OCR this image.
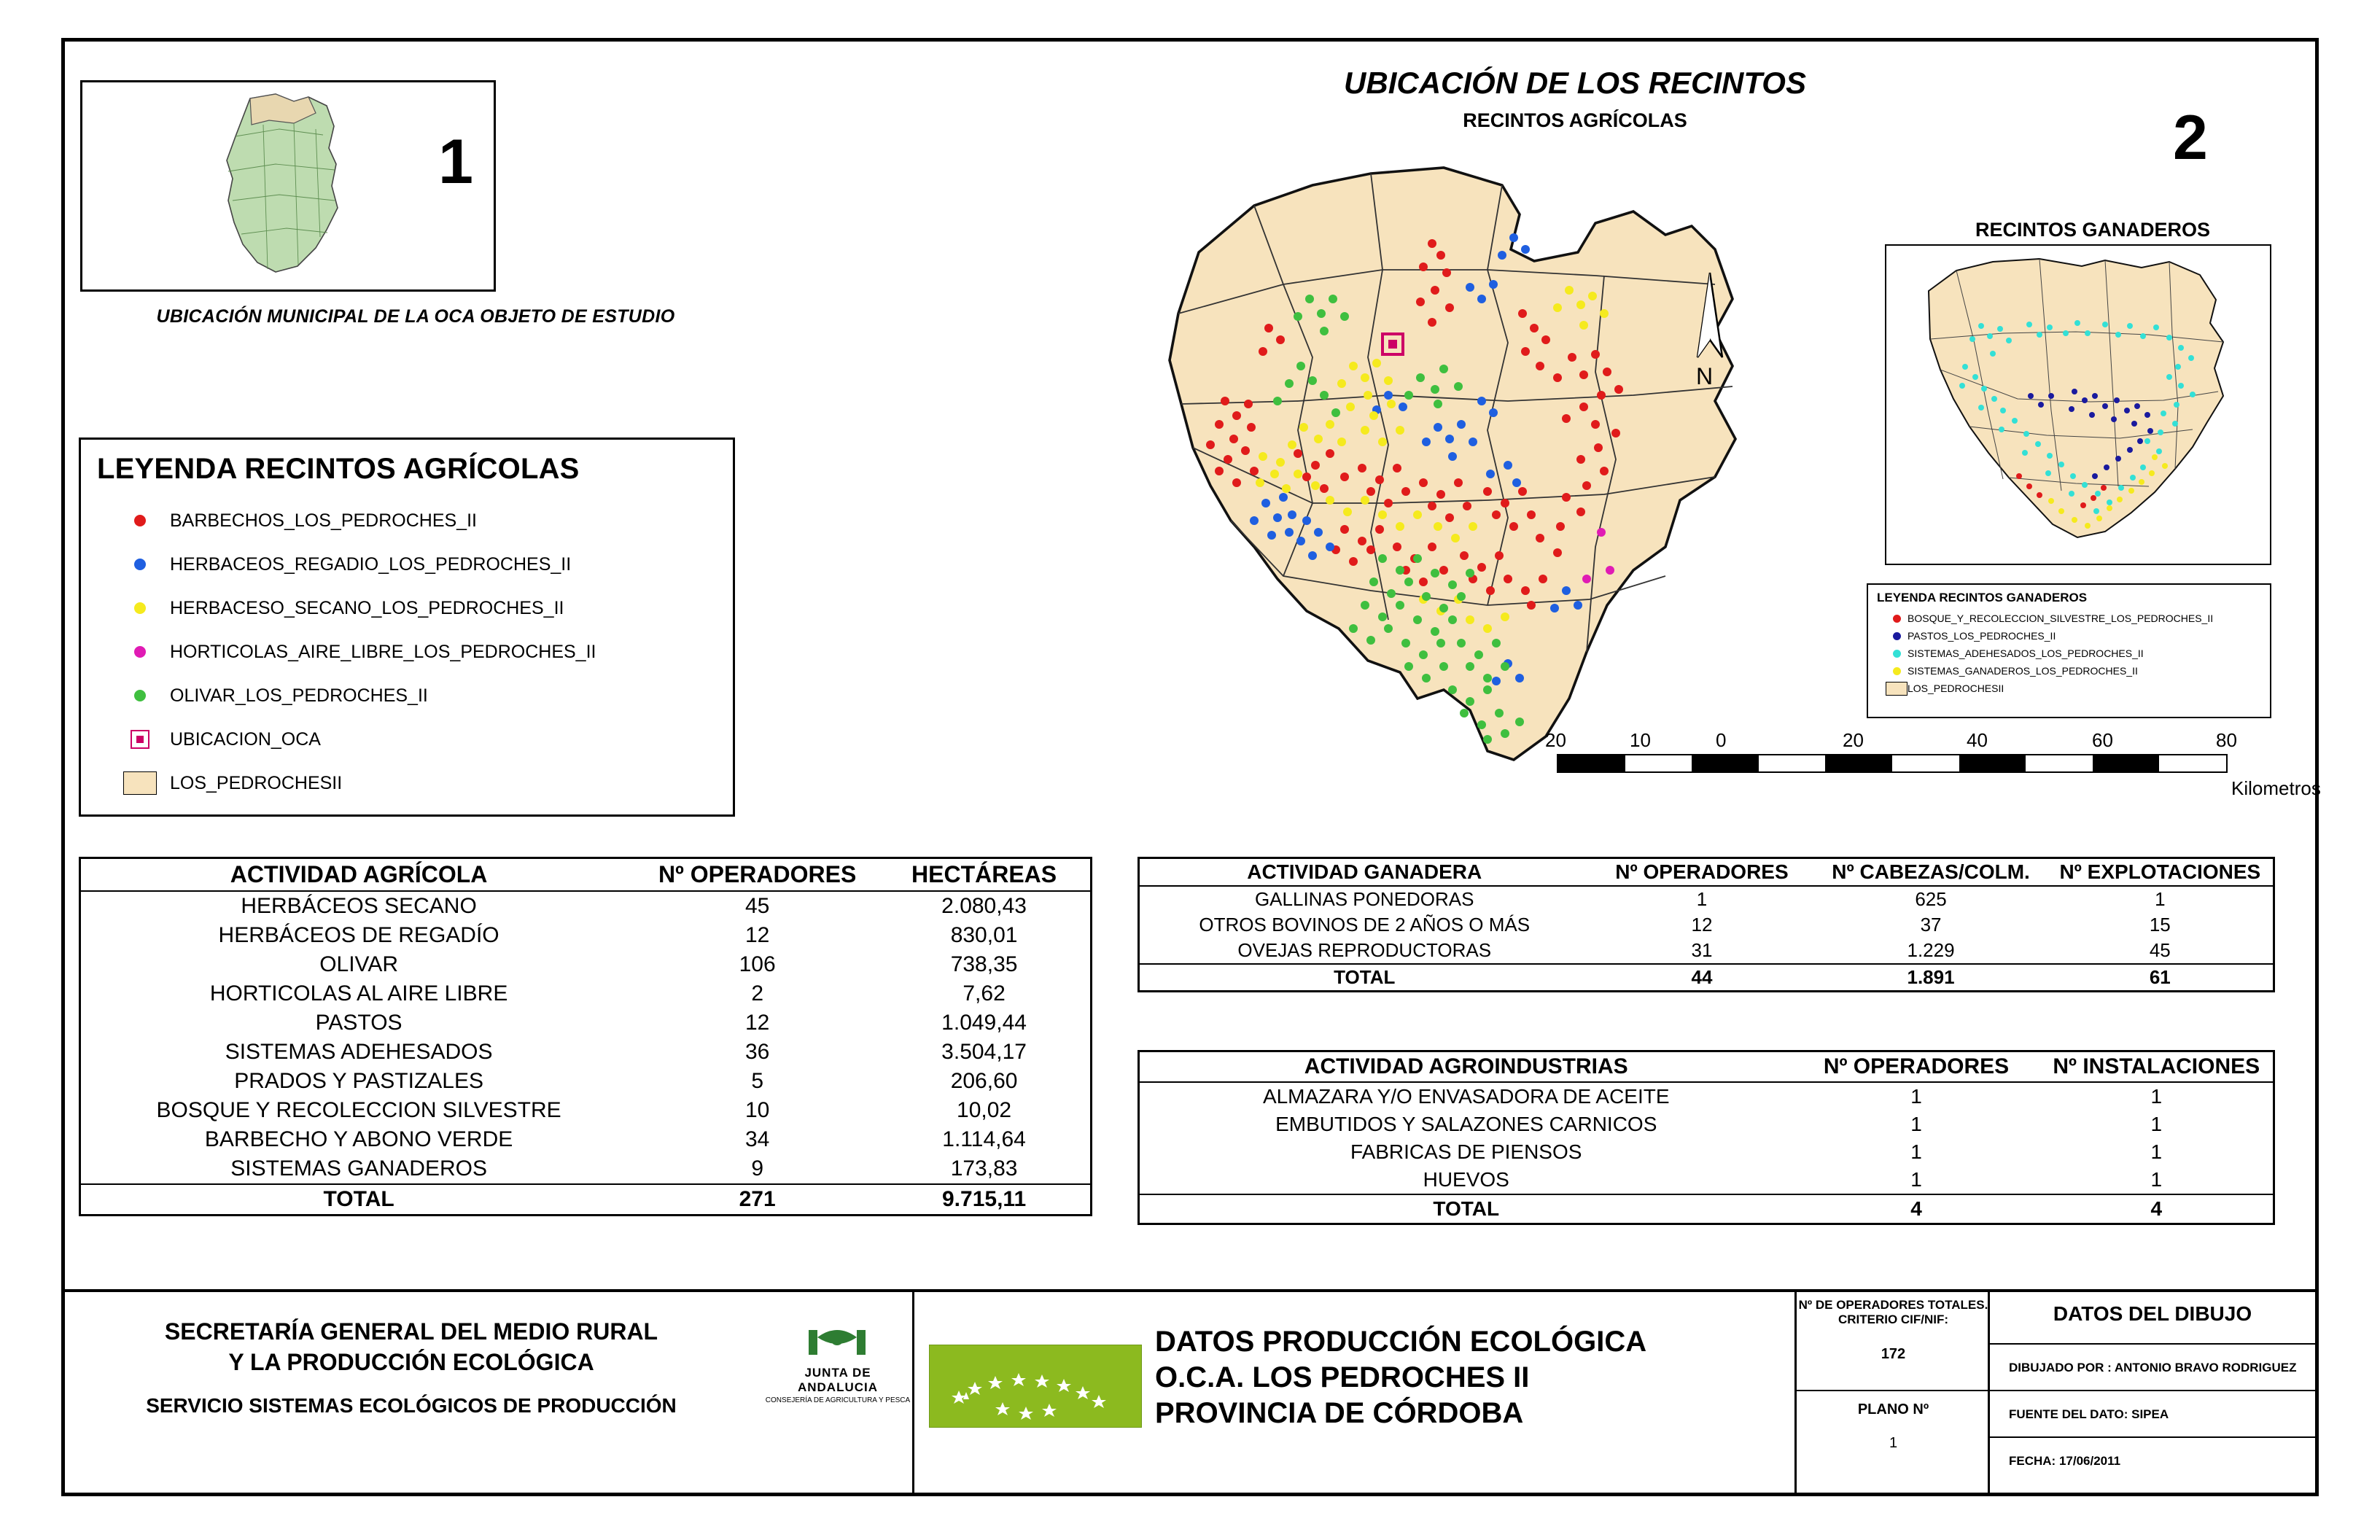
1
UBICACIÓN MUNICIPAL DE LA OCA OBJETO DE ESTUDIO
LEYENDA RECINTOS AGRÍCOLAS
BARBECHOS_LOS_PEDROCHES_II
HERBACEOS_REGADIO_LOS_PEDROCHES_II
HERBACESO_SECANO_LOS_PEDROCHES_II
HORTICOLAS_AIRE_LIBRE_LOS_PEDROCHES_II
OLIVAR_LOS_PEDROCHES_II
UBICACION_OCA
LOS_PEDROCHESII
UBICACIÓN DE LOS RECINTOS
RECINTOS AGRÍCOLAS	2
N
RECINTOS GANADEROS
LEYENDA RECINTOS GANADEROS
BOSQUE_Y_RECOLECCION_SILVESTRE_LOS_PEDROCHES_II
PASTOS_LOS_PEDROCHES_II
SISTEMAS_ADEHESADOS_LOS_PEDROCHES_II
SISTEMAS_GANADEROS_LOS_PEDROCHES_II
LOS_PEDROCHESII
20	10	0	20	40	60	80
Kilometros
ACTIVIDAD AGRÍCOLA	Nº OPERADORES	HECTÁREAS
HERBÁCEOS SECANO	45	2.080,43
HERBÁCEOS DE REGADÍO	12	830,01
OLIVAR	106	738,35
HORTICOLAS AL AIRE LIBRE	2	7,62
PASTOS	12	1.049,44
SISTEMAS ADEHESADOS	36	3.504,17
PRADOS Y PASTIZALES	5	206,60
BOSQUE Y RECOLECCION SILVESTRE	10	10,02
BARBECHO Y ABONO VERDE	34	1.114,64
SISTEMAS GANADEROS	9	173,83
TOTAL	271	9.715,11
ACTIVIDAD GANADERA	Nº OPERADORES	Nº CABEZAS/COLM.	Nº EXPLOTACIONES
GALLINAS PONEDORAS	1	625	1
OTROS BOVINOS DE 2 AÑOS O MÁS	12	37	15
OVEJAS REPRODUCTORAS	31	1.229	45
TOTAL	44	1.891	61
ACTIVIDAD AGROINDUSTRIAS	Nº OPERADORES	Nº INSTALACIONES
ALMAZARA Y/O ENVASADORA DE ACEITE	1	1
EMBUTIDOS Y SALAZONES CARNICOS	1	1
FABRICAS DE PIENSOS	1	1
HUEVOS	1	1
TOTAL	4	4
SECRETARÍA GENERAL DEL MEDIO RURAL
Y LA PRODUCCIÓN ECOLÓGICA
SERVICIO SISTEMAS ECOLÓGICOS DE PRODUCCIÓN
JUNTA DE ANDALUCIA
CONSEJERÍA DE AGRICULTURA Y PESCA
DATOS PRODUCCIÓN ECOLÓGICA
O.C.A. LOS PEDROCHES II
PROVINCIA DE CÓRDOBA
Nº DE OPERADORES TOTALES. CRITERIO CIF/NIF:
172
PLANO Nº
1
DATOS DEL DIBUJO
DIBUJADO POR : ANTONIO BRAVO RODRIGUEZ
FUENTE DEL DATO: SIPEA
FECHA: 17/06/2011
